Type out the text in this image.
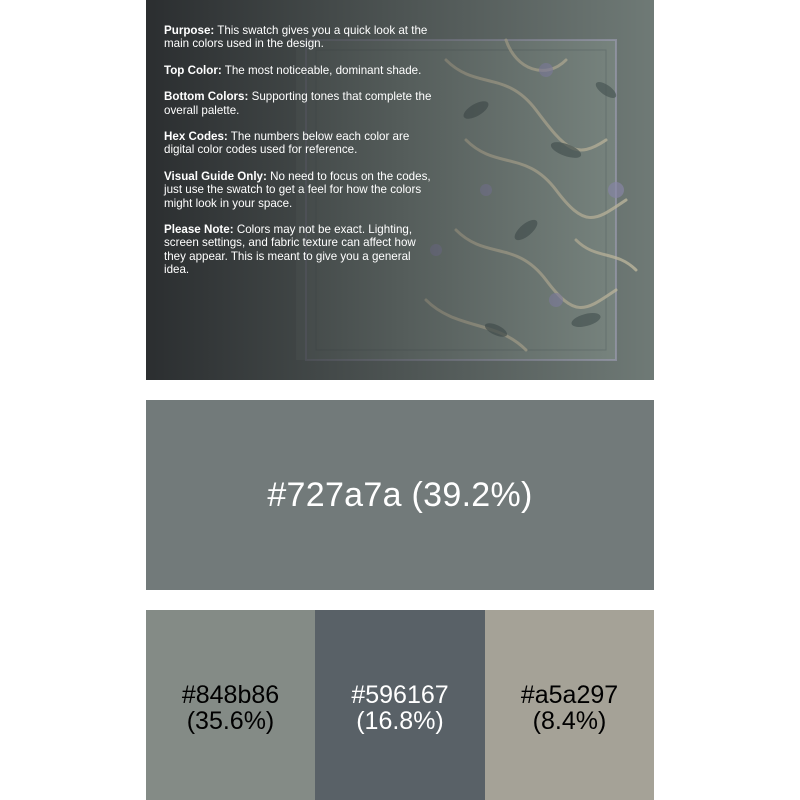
Purpose: This swatch gives you a quick look at the main colors used in the design.

Top Color: The most noticeable, dominant shade.

Bottom Colors: Supporting tones that complete the overall palette.

Hex Codes: The numbers below each color are digital color codes used for reference.

Visual Guide Only: No need to focus on the codes, just use the swatch to get a feel for how the colors might look in your space.

Please Note: Colors may not be exact. Lighting, screen settings, and fabric texture can affect how they appear. This is meant to give you a general idea.

#727a7a (39.2%)
#848b86
(35.6%)
#596167
(16.8%)
#a5a297
(8.4%)
